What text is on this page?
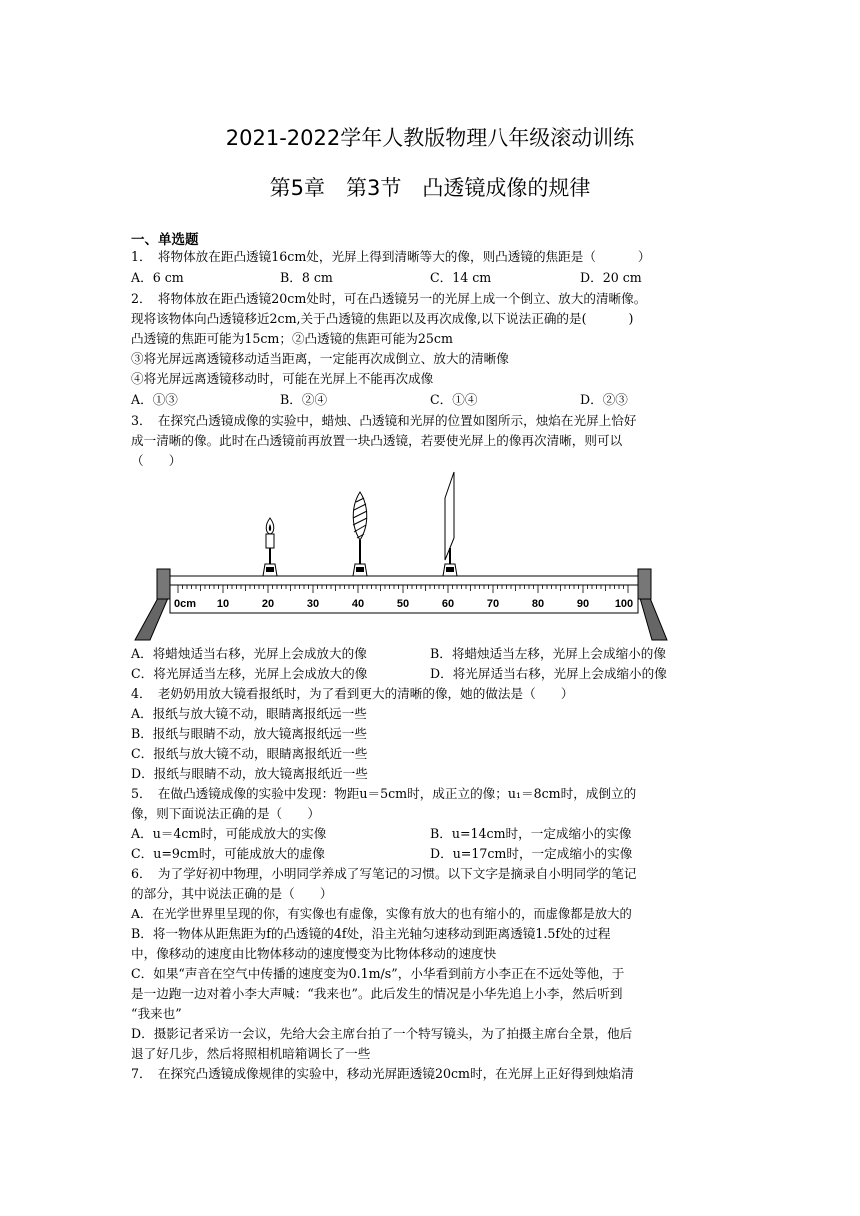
2021-2022学年人教版物理八年级滚动训练
第5章　第3节　凸透镜成像的规律
一、单选题
1．　将物体放在距凸透镜16cm处，光屏上得到清晰等大的像，则凸透镜的焦距是（	）
A．6 cm	B．8 cm	C．14 cm	D．20 cm
2．　将物体放在距凸透镜20cm处时，可在凸透镜另一的光屏上成一个倒立、放大的清晰像。
现将该物体向凸透镜移近2cm,关于凸透镜的焦距以及再次成像,以下说法正确的是(	)
凸透镜的焦距可能为15cm；②凸透镜的焦距可能为25cm
③将光屏远离透镜移动适当距离，一定能再次成倒立、放大的清晰像
④将光屏远离透镜移动时，可能在光屏上不能再次成像
A．①③	B．②④	C．①④	D．②③
3．　在探究凸透镜成像的实验中，蜡烛、凸透镜和光屏的位置如图所示，烛焰在光屏上恰好
成一清晰的像。此时在凸透镜前再放置一块凸透镜，若要使光屏上的像再次清晰，则可以
（　　）
0cm 10	20	30	40	50	60	70	80	90 100
A．将蜡烛适当右移，光屏上会成放大的像	B．将蜡烛适当左移，光屏上会成缩小的像
C．将光屏适当左移，光屏上会成放大的像	D．将光屏适当右移，光屏上会成缩小的像
4．　老奶奶用放大镜看报纸时，为了看到更大的清晰的像，她的做法是（　　）
A．报纸与放大镜不动，眼睛离报纸远一些
B．报纸与眼睛不动，放大镜离报纸远一些
C．报纸与放大镜不动，眼睛离报纸近一些
D．报纸与眼睛不动，放大镜离报纸近一些
5．　在做凸透镜成像的实验中发现：物距u＝5cm时，成正立的像；u₁＝8cm时，成倒立的
像，则下面说法正确的是（　　）
A．u＝4cm时，可能成放大的实像	B．u=14cm时，一定成缩小的实像
C．u=9cm时，可能成放大的虚像	D．u=17cm时，一定成缩小的实像
6．　为了学好初中物理，小明同学养成了写笔记的习惯。以下文字是摘录自小明同学的笔记
的部分，其中说法正确的是（　　）
A．在光学世界里呈现的你，有实像也有虚像，实像有放大的也有缩小的，而虚像都是放大的
B．将一物体从距焦距为f的凸透镜的4f处，沿主光轴匀速移动到距离透镜1.5f处的过程
中，像移动的速度由比物体移动的速度慢变为比物体移动的速度快
C．如果“声音在空气中传播的速度变为0.1m/s”，小华看到前方小李正在不远处等他，于
是一边跑一边对着小李大声喊：“我来也”。此后发生的情况是小华先追上小李，然后听到
“我来也”
D．摄影记者采访一会议，先给大会主席台拍了一个特写镜头，为了拍摄主席台全景，他后
退了好几步，然后将照相机暗箱调长了一些
7．　在探究凸透镜成像规律的实验中，移动光屏距透镜20cm时，在光屏上正好得到烛焰清
